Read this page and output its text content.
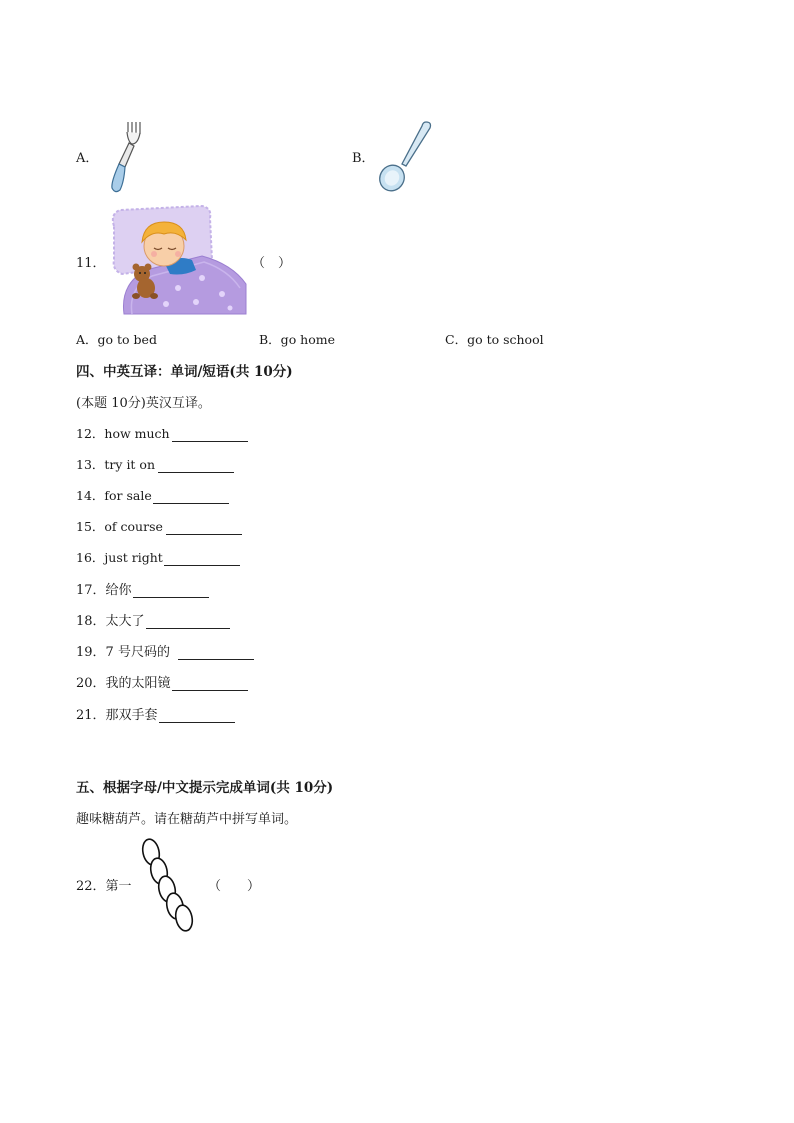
A．	B．
11．	（　）
A．go to bed	B．go home	C．go to school
四、中英互译：单词/短语(共 10分)
(本题 10分)英汉互译。
12．how much
13．try it on
14．for sale
15．of course
16．just right
17．给你
18．太大了
19．7 号尺码的
20．我的太阳镜
21．那双手套
五、根据字母/中文提示完成单词(共 10分)
趣味糖葫芦。请在糖葫芦中拼写单词。
22．第一	（　　）
